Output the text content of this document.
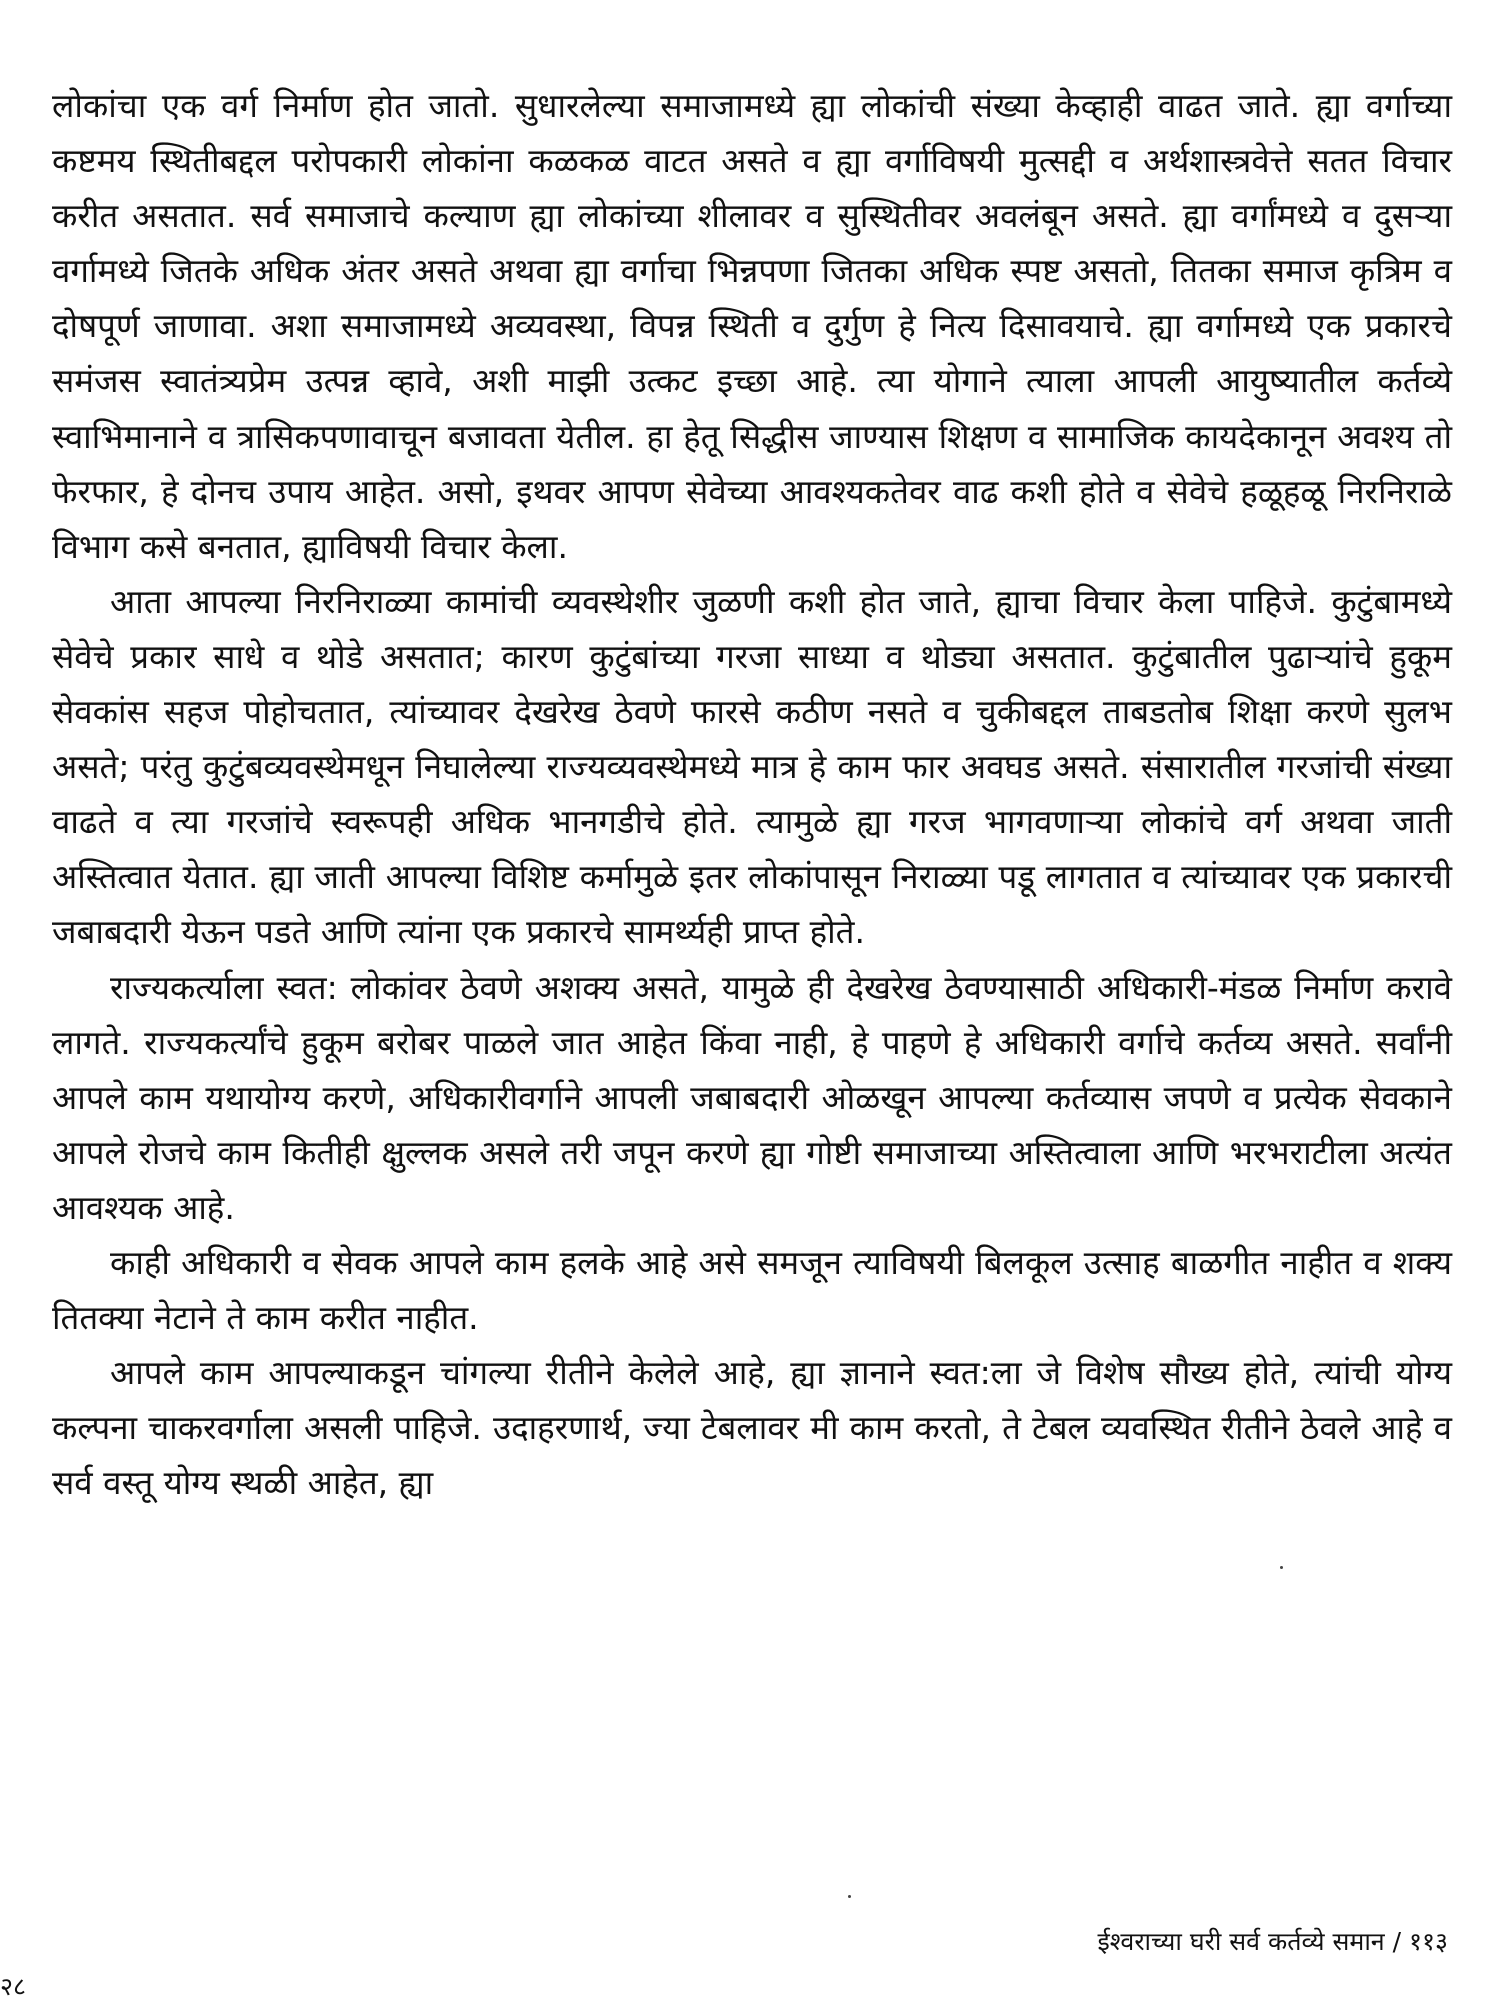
लोकांचा एक वर्ग निर्माण होत जातो. सुधारलेल्या समाजामध्ये ह्या लोकांची संख्या केव्हाही वाढत जाते. ह्या वर्गाच्या कष्टमय स्थितीबद्दल परोपकारी लोकांना कळकळ वाटत असते व ह्या वर्गाविषयी मुत्सद्दी व अर्थशास्त्रवेत्ते सतत विचार करीत असतात. सर्व समाजाचे कल्याण ह्या लोकांच्या शीलावर व सुस्थितीवर अवलंबून असते. ह्या वर्गांमध्ये व दुसऱ्या वर्गामध्ये जितके अधिक अंतर असते अथवा ह्या वर्गाचा भिन्नपणा जितका अधिक स्पष्ट असतो, तितका समाज कृत्रिम व दोषपूर्ण जाणावा. अशा समाजामध्ये अव्यवस्था, विपन्न स्थिती व दुर्गुण हे नित्य दिसावयाचे. ह्या वर्गामध्ये एक प्रकारचे समंजस स्वातंत्र्यप्रेम उत्पन्न व्हावे, अशी माझी उत्कट इच्छा आहे. त्या योगाने त्याला आपली आयुष्यातील कर्तव्ये स्वाभिमानाने व त्रासिकपणावाचून बजावता येतील. हा हेतू सिद्धीस जाण्यास शिक्षण व सामाजिक कायदेकानून अवश्य तो फेरफार, हे दोनच उपाय आहेत. असो, इथवर आपण सेवेच्या आवश्यकतेवर वाढ कशी होते व सेवेचे हळूहळू निरनिराळे विभाग कसे बनतात, ह्याविषयी विचार केला.

आता आपल्या निरनिराळ्या कामांची व्यवस्थेशीर जुळणी कशी होत जाते, ह्याचा विचार केला पाहिजे. कुटुंबामध्ये सेवेचे प्रकार साधे व थोडे असतात; कारण कुटुंबांच्या गरजा साध्या व थोड्या असतात. कुटुंबातील पुढाऱ्यांचे हुकूम सेवकांस सहज पोहोचतात, त्यांच्यावर देखरेख ठेवणे फारसे कठीण नसते व चुकीबद्दल ताबडतोब शिक्षा करणे सुलभ असते; परंतु कुटुंबव्यवस्थेमधून निघालेल्या राज्यव्यवस्थेमध्ये मात्र हे काम फार अवघड असते. संसारातील गरजांची संख्या वाढते व त्या गरजांचे स्वरूपही अधिक भानगडीचे होते. त्यामुळे ह्या गरज भागवणाऱ्या लोकांचे वर्ग अथवा जाती अस्तित्वात येतात. ह्या जाती आपल्या विशिष्ट कर्मामुळे इतर लोकांपासून निराळ्या पडू लागतात व त्यांच्यावर एक प्रकारची जबाबदारी येऊन पडते आणि त्यांना एक प्रकारचे सामर्थ्यही प्राप्त होते.

राज्यकर्त्याला स्वत: लोकांवर ठेवणे अशक्य असते, यामुळे ही देखरेख ठेवण्यासाठी अधिकारी-मंडळ निर्माण करावे लागते. राज्यकर्त्यांचे हुकूम बरोबर पाळले जात आहेत किंवा नाही, हे पाहणे हे अधिकारी वर्गाचे कर्तव्य असते. सर्वांनी आपले काम यथायोग्य करणे, अधिकारीवर्गाने आपली जबाबदारी ओळखून आपल्या कर्तव्यास जपणे व प्रत्येक सेवकाने आपले रोजचे काम कितीही क्षुल्लक असले तरी जपून करणे ह्या गोष्टी समाजाच्या अस्तित्वाला आणि भरभराटीला अत्यंत आवश्यक आहे.

काही अधिकारी व सेवक आपले काम हलके आहे असे समजून त्याविषयी बिलकूल उत्साह बाळगीत नाहीत व शक्य तितक्या नेटाने ते काम करीत नाहीत.

आपले काम आपल्याकडून चांगल्या रीतीने केलेले आहे, ह्या ज्ञानाने स्वत:ला जे विशेष सौख्य होते, त्यांची योग्य कल्पना चाकरवर्गाला असली पाहिजे. उदाहरणार्थ, ज्या टेबलावर मी काम करतो, ते टेबल व्यवस्थित रीतीने ठेवले आहे व सर्व वस्तू योग्य स्थळी आहेत, ह्या

ईश्वराच्या घरी सर्व कर्तव्ये समान / ११३
२८
